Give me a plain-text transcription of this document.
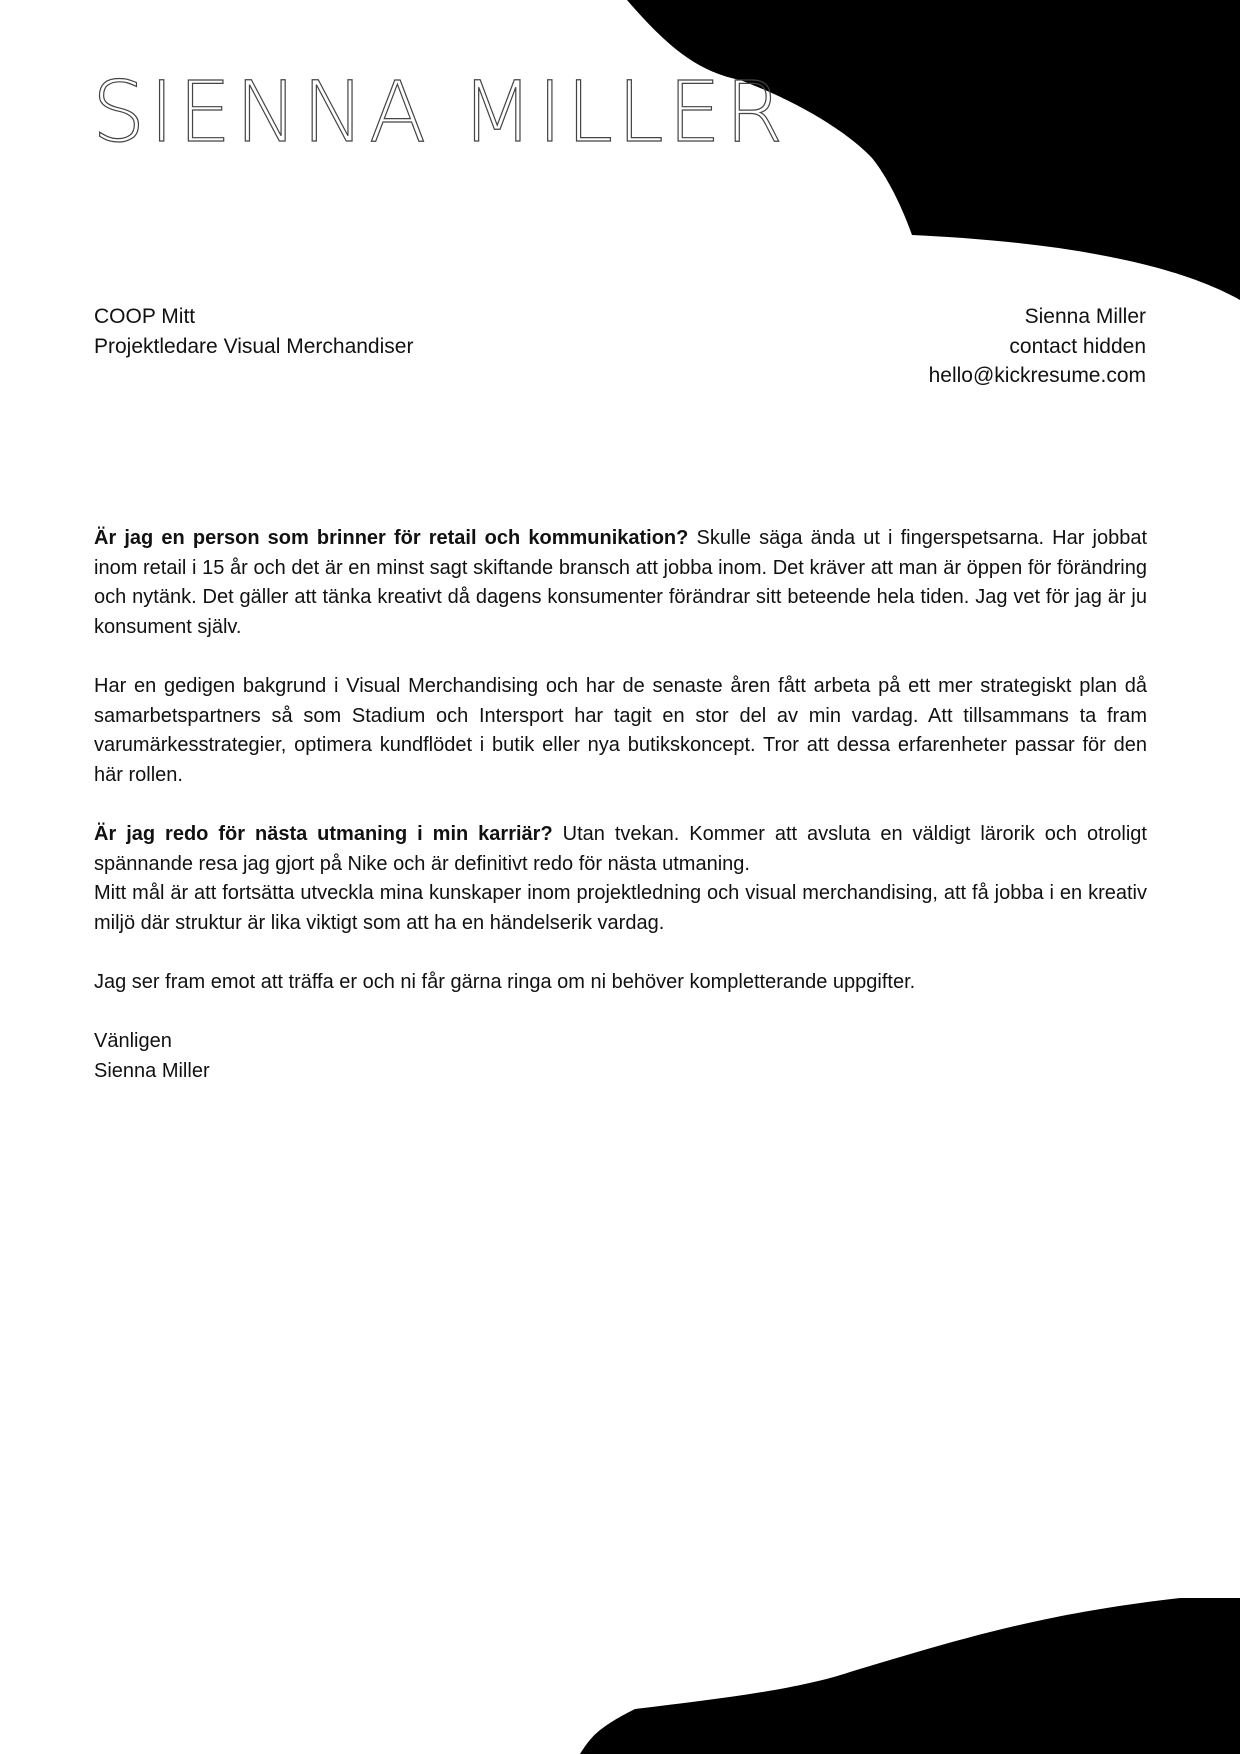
SIENNA MILLER
COOP Mitt
Projektledare Visual Merchandiser
Sienna Miller
contact hidden
hello@kickresume.com

Är jag en person som brinner för retail och kommunikation? Skulle säga ända ut i fingerspetsarna. Har jobbat inom retail i 15 år och det är en minst sagt skiftande bransch att jobba inom. Det kräver att man är öppen för förändring och nytänk. Det gäller att tänka kreativt då dagens konsumenter förändrar sitt beteende hela tiden. Jag vet för jag är ju konsument själv.

Har en gedigen bakgrund i Visual Merchandising och har de senaste åren fått arbeta på ett mer strategiskt plan då samarbetspartners så som Stadium och Intersport har tagit en stor del av min vardag. Att tillsammans ta fram varumärkesstrategier, optimera kundflödet i butik eller nya butikskoncept. Tror att dessa erfarenheter passar för den här rollen.

Är jag redo för nästa utmaning i min karriär? Utan tvekan. Kommer att avsluta en väldigt lärorik och otroligt spännande resa jag gjort på Nike och är definitivt redo för nästa utmaning.
Mitt mål är att fortsätta utveckla mina kunskaper inom projektledning och visual merchandising, att få jobba i en kreativ miljö där struktur är lika viktigt som att ha en händelserik vardag.

Jag ser fram emot att träffa er och ni får gärna ringa om ni behöver kompletterande uppgifter.

Vänligen
Sienna Miller
